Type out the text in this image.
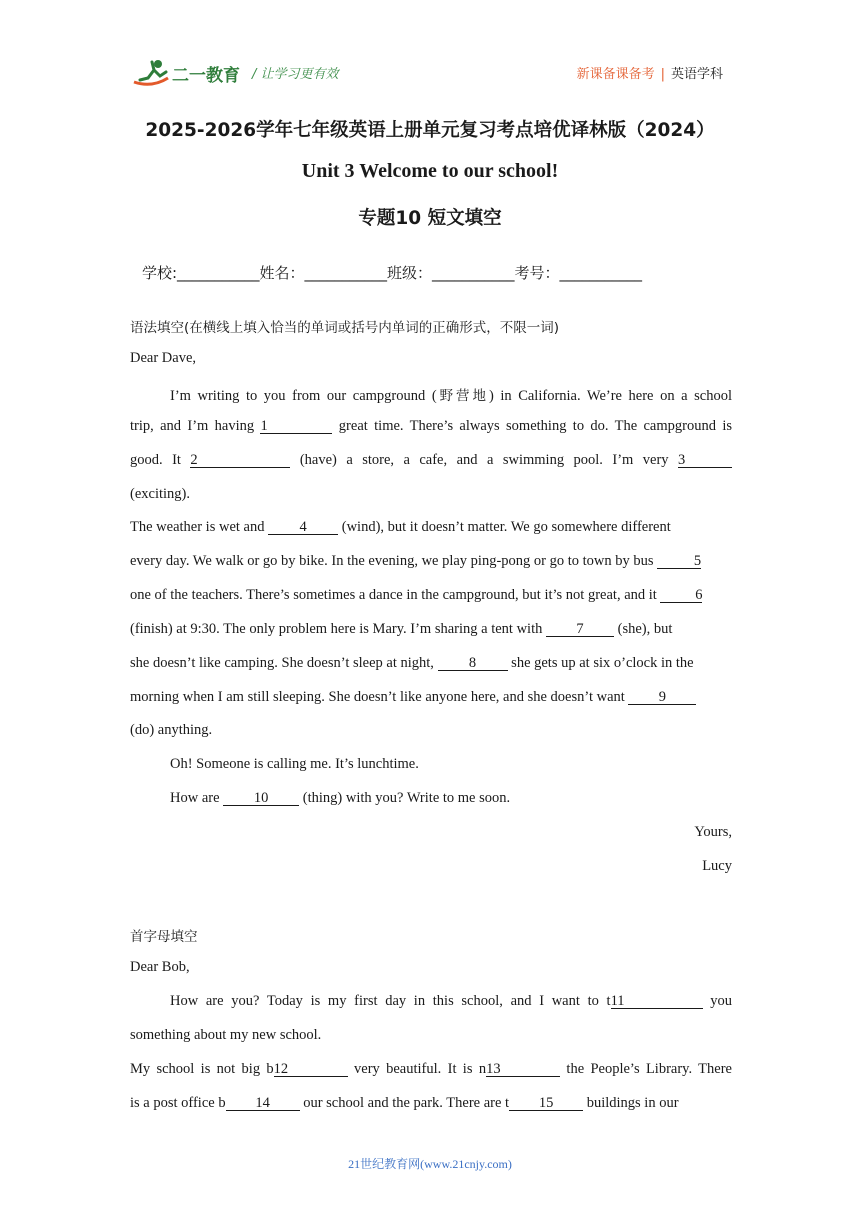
二一教育 / 让学习更有效	新课备课备考 | 英语学科
2025-2026学年七年级英语上册单元复习考点培优译林版（2024）
Unit 3 Welcome to our school!
专题10 短文填空
学校:___________姓名：___________班级：___________考号：___________
语法填空(在横线上填入恰当的单词或括号内单词的正确形式，不限一词)
Dear Dave,
I’m writing to you from our campground (野营地) in California. We’re here on a school
trip, and I’m having 1	great time. There’s always something to do. The campground is
good. It 2	(have) a store, a cafe, and a swimming pool. I’m very 3
(exciting).
The weather is wet and 4 (wind), but it doesn’t matter. We go somewhere different
every day. We walk or go by bike. In the evening, we play ping-pong or go to town by bus	5
one of the teachers. There’s sometimes a dance in the campground, but it’s not great, and it 6
(finish) at 9:30. The only problem here is Mary. I’m sharing a tent with 7 (she), but
she doesn’t like camping. She doesn’t sleep at night, 8 she gets up at six o’clock in the
morning when I am still sleeping. She doesn’t like anyone here, and she doesn’t want 9
(do) anything.
Oh! Someone is calling me. It’s lunchtime.
How are 10 (thing) with you? Write to me soon.
Yours,
Lucy
首字母填空
Dear Bob,
How are you? Today is my first day in this school, and I want to t11	you
something about my new school.
My school is not big b12	very beautiful. It is n13	the People’s Library. There
is a post office b 14 our school and the park. There are t 15 buildings in our
21世纪教育网(www.21cnjy.com)
